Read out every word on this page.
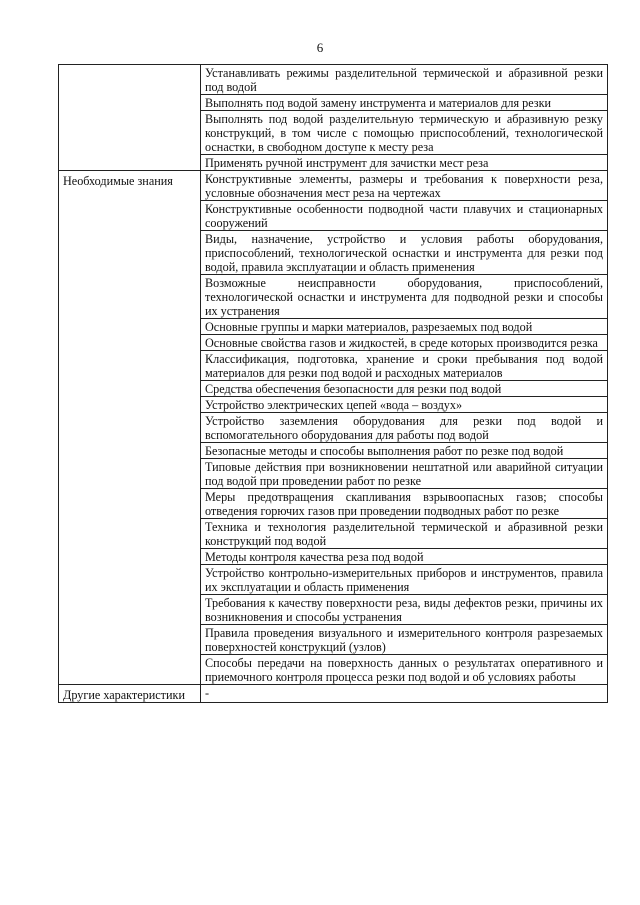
6
	Устанавливать режимы разделительной термической и абразивной резки под водой
	Выполнять под водой замену инструмента и материалов для резки
	Выполнять под водой разделительную термическую и абразивную резку конструкций, в том числе с помощью приспособлений, технологической оснастки, в свободном доступе к месту реза
	Применять ручной инструмент для зачистки мест реза
Необходимые знания	Конструктивные элементы, размеры и требования к поверхности реза, условные обозначения мест реза на чертежах
	Конструктивные особенности подводной части плавучих и стационарных сооружений
	Виды, назначение, устройство и условия работы оборудования, приспособлений, технологической оснастки и инструмента для резки под водой, правила эксплуатации и область применения
	Возможные неисправности оборудования, приспособлений, технологической оснастки и инструмента для подводной резки и способы их устранения
	Основные группы и марки материалов, разрезаемых под водой
	Основные свойства газов и жидкостей, в среде которых производится резка
	Классификация, подготовка, хранение и сроки пребывания под водой материалов для резки под водой и расходных материалов
	Средства обеспечения безопасности для резки под водой
	Устройство электрических цепей «вода – воздух»
	Устройство заземления оборудования для резки под водой и вспомогательного оборудования для работы под водой
	Безопасные методы и способы выполнения работ по резке под водой
	Типовые действия при возникновении нештатной или аварийной ситуации под водой при проведении работ по резке
	Меры предотвращения скапливания взрывоопасных газов; способы отведения горючих газов при проведении подводных работ по резке
	Техника и технология разделительной термической и абразивной резки конструкций под водой
	Методы контроля качества реза под водой
	Устройство контрольно-измерительных приборов и инструментов, правила их эксплуатации и область применения
	Требования к качеству поверхности реза, виды дефектов резки, причины их возникновения и способы устранения
	Правила проведения визуального и измерительного контроля разрезаемых поверхностей конструкций (узлов)
	Способы передачи на поверхность данных о результатах оперативного и приемочного контроля процесса резки под водой и об условиях работы
Другие характеристики	-
